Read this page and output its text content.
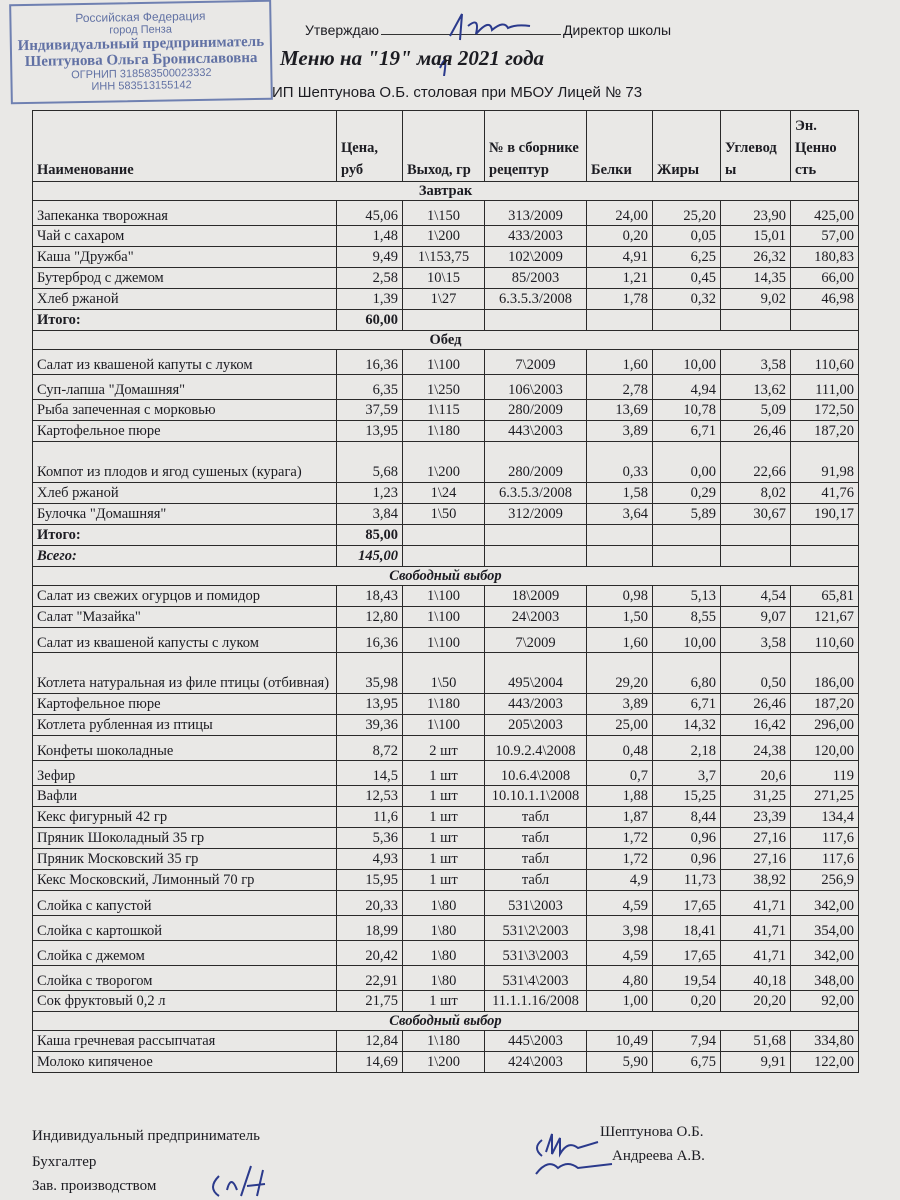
Российская Федерация
город Пенза
Индивидуальный предприниматель
Шептунова Ольга Брониславовна
ОГРНИП 318583500023332
ИНН 583513155142
Утверждаю	Директор школы
Меню на "19" мая 2021 года
ИП Шептунова О.Б. столовая при МБОУ Лицей № 73
Наименование	Цена, руб	Выход, гр	№ в сборнике рецептур	Белки	Жиры	Углевод ы	Эн. Ценно сть
Завтрак							
Запеканка творожная	45,06	1\150	313/2009	24,00	25,20	23,90	425,00
Чай с сахаром	1,48	1\200	433/2003	0,20	0,05	15,01	57,00
Каша "Дружба"	9,49	1\153,75	102\2009	4,91	6,25	26,32	180,83
Бутерброд с джемом	2,58	10\15	85/2003	1,21	0,45	14,35	66,00
Хлеб ржаной	1,39	1\27	6.3.5.3/2008	1,78	0,32	9,02	46,98
Итого:	60,00						
Обед							
Салат из квашеной капуты с луком	16,36	1\100	7\2009	1,60	10,00	3,58	110,60
Суп-лапша "Домашняя"	6,35	1\250	106\2003	2,78	4,94	13,62	111,00
Рыба запеченная с морковью	37,59	1\115	280/2009	13,69	10,78	5,09	172,50
Картофельное пюре	13,95	1\180	443\2003	3,89	6,71	26,46	187,20
Компот из плодов и ягод сушеных (курага)	5,68	1\200	280/2009	0,33	0,00	22,66	91,98
Хлеб ржаной	1,23	1\24	6.3.5.3/2008	1,58	0,29	8,02	41,76
Булочка "Домашняя"	3,84	1\50	312/2009	3,64	5,89	30,67	190,17
Итого:	85,00						
Всего:	145,00						
Свободный выбор							
Салат из свежих огурцов и помидор	18,43	1\100	18\2009	0,98	5,13	4,54	65,81
Салат "Мазайка"	12,80	1\100	24\2003	1,50	8,55	9,07	121,67
Салат из квашеной капусты с луком	16,36	1\100	7\2009	1,60	10,00	3,58	110,60
Котлета натуральная из филе птицы (отбивная)	35,98	1\50	495\2004	29,20	6,80	0,50	186,00
Картофельное пюре	13,95	1\180	443/2003	3,89	6,71	26,46	187,20
Котлета рубленная из птицы	39,36	1\100	205\2003	25,00	14,32	16,42	296,00
Конфеты шоколадные	8,72	2 шт	10.9.2.4\2008	0,48	2,18	24,38	120,00
Зефир	14,5	1 шт	10.6.4\2008	0,7	3,7	20,6	119
Вафли	12,53	1 шт	10.10.1.1\2008	1,88	15,25	31,25	271,25
Кекс фигурный 42 гр	11,6	1 шт	табл	1,87	8,44	23,39	134,4
Пряник Шоколадный 35 гр	5,36	1 шт	табл	1,72	0,96	27,16	117,6
Пряник Московский 35 гр	4,93	1 шт	табл	1,72	0,96	27,16	117,6
Кекс Московский, Лимонный 70 гр	15,95	1 шт	табл	4,9	11,73	38,92	256,9
Слойка с капустой	20,33	1\80	531\2003	4,59	17,65	41,71	342,00
Слойка с картошкой	18,99	1\80	531\2\2003	3,98	18,41	41,71	354,00
Слойка с джемом	20,42	1\80	531\3\2003	4,59	17,65	41,71	342,00
Слойка с творогом	22,91	1\80	531\4\2003	4,80	19,54	40,18	348,00
Сок фруктовый 0,2 л	21,75	1 шт	11.1.1.16/2008	1,00	0,20	20,20	92,00
Свободный выбор							
Каша гречневая рассыпчатая	12,84	1\180	445\2003	10,49	7,94	51,68	334,80
Молоко кипяченое	14,69	1\200	424\2003	5,90	6,75	9,91	122,00
Индивидуальный предприниматель
Бухгалтер
Зав. производством
Шептунова О.Б.
Андреева А.В.
